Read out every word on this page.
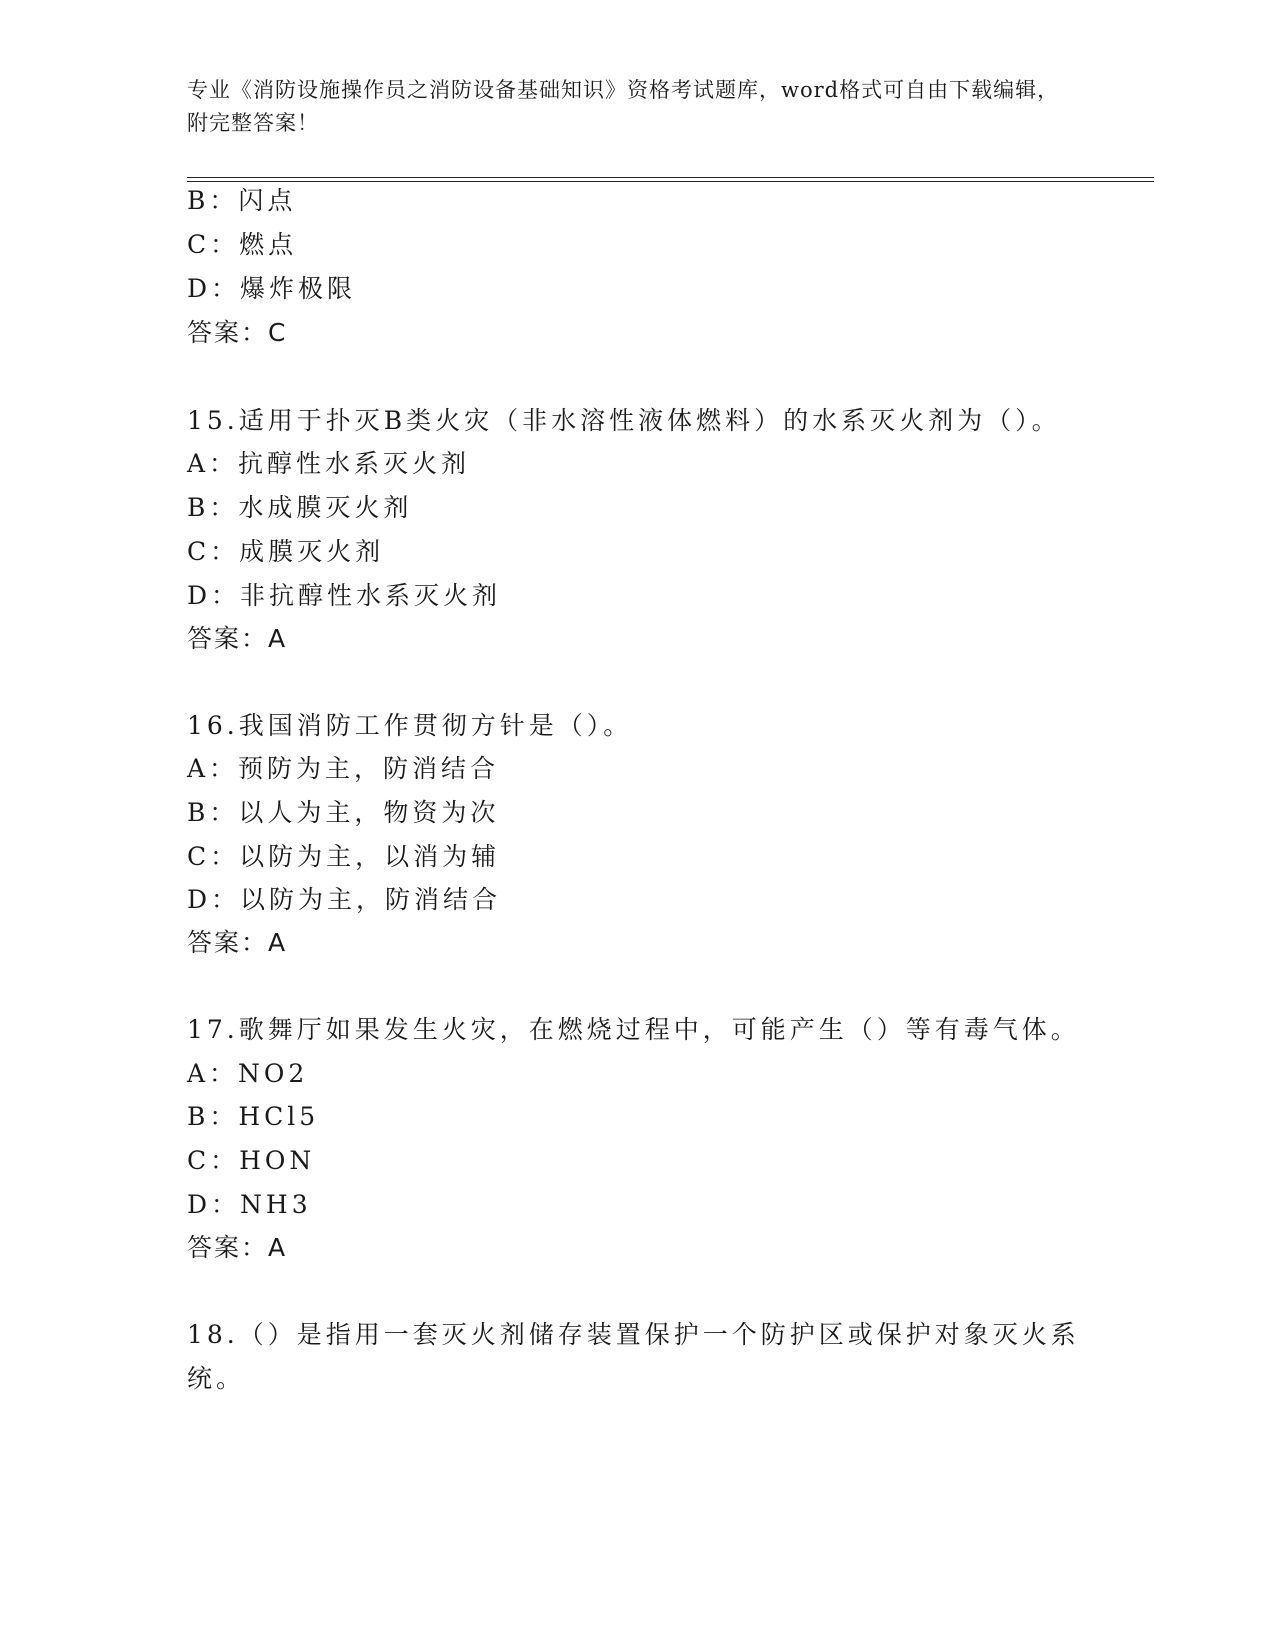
专业《消防设施操作员之消防设备基础知识》资格考试题库，word格式可自由下载编辑，附完整答案！
B：闪点
C：燃点
D：爆炸极限
答案：C
15.适用于扑灭B类火灾（非水溶性液体燃料）的水系灭火剂为（）。
A：抗醇性水系灭火剂
B：水成膜灭火剂
C：成膜灭火剂
D：非抗醇性水系灭火剂
答案：A
16.我国消防工作贯彻方针是（）。
A：预防为主，防消结合
B：以人为主，物资为次
C：以防为主，以消为辅
D：以防为主，防消结合
答案：A
17.歌舞厅如果发生火灾，在燃烧过程中，可能产生（）等有毒气体。
A：NO2
B：HCl5
C：HON
D：NH3
答案：A
18.（）是指用一套灭火剂储存装置保护一个防护区或保护对象灭火系
统。
